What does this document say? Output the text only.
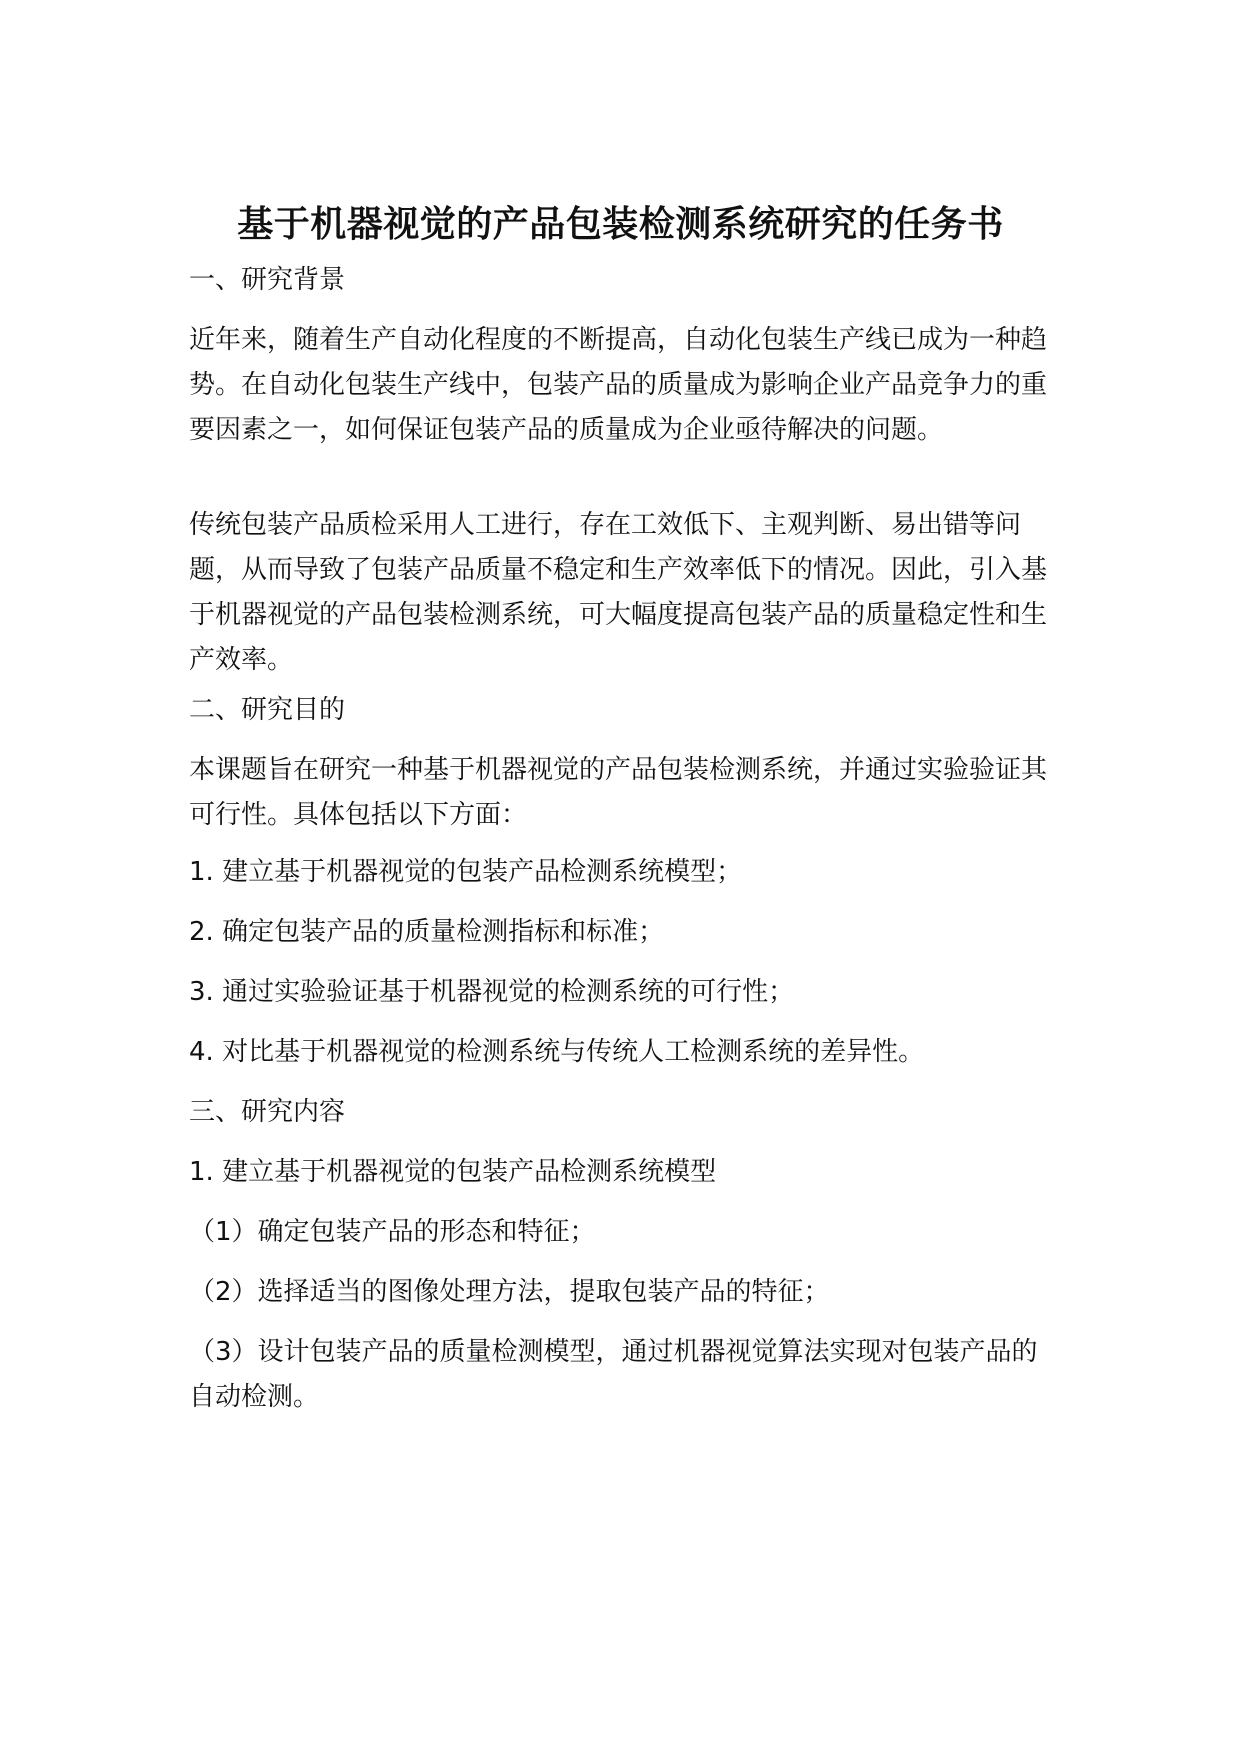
基于机器视觉的产品包装检测系统研究的任务书

一、研究背景

近年来，随着生产自动化程度的不断提高，自动化包装生产线已成为一种趋势。在自动化包装生产线中，包装产品的质量成为影响企业产品竞争力的重要因素之一，如何保证包装产品的质量成为企业亟待解决的问题。

传统包装产品质检采用人工进行，存在工效低下、主观判断、易出错等问题，从而导致了包装产品质量不稳定和生产效率低下的情况。因此，引入基于机器视觉的产品包装检测系统，可大幅度提高包装产品的质量稳定性和生产效率。

二、研究目的

本课题旨在研究一种基于机器视觉的产品包装检测系统，并通过实验验证其可行性。具体包括以下方面：

1. 建立基于机器视觉的包装产品检测系统模型；

2. 确定包装产品的质量检测指标和标准；

3. 通过实验验证基于机器视觉的检测系统的可行性；

4. 对比基于机器视觉的检测系统与传统人工检测系统的差异性。

三、研究内容

1. 建立基于机器视觉的包装产品检测系统模型

（1）确定包装产品的形态和特征；

（2）选择适当的图像处理方法，提取包装产品的特征；

（3）设计包装产品的质量检测模型，通过机器视觉算法实现对包装产品的自动检测。
